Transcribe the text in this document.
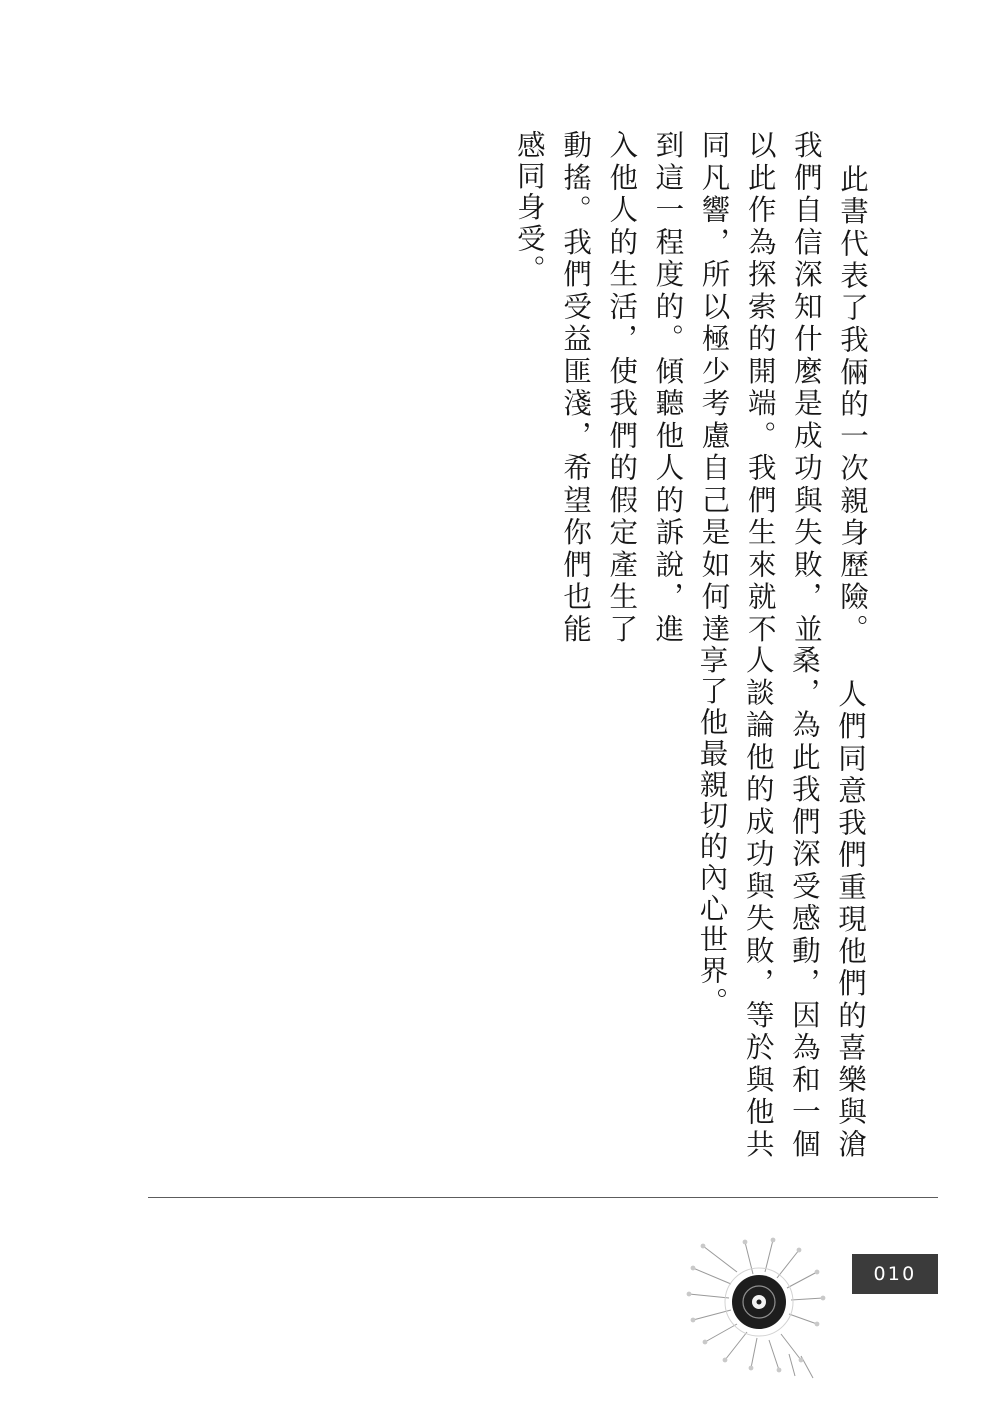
此書代表了我倆的一次親身歷險。我們自信深知什麼是成功與失敗，並以此作為探索的開端。我們生來就不同凡響，所以極少考慮自己是如何達到這一程度的。傾聽他人的訴說，進入他人的生活，使我們的假定產生了動搖。我們受益匪淺，希望你們也能感同身受。

人們同意我們重現他們的喜樂與滄桑，為此我們深受感動，因為和一個人談論他的成功與失敗，等於與他共享了他最親切的內心世界。

010
